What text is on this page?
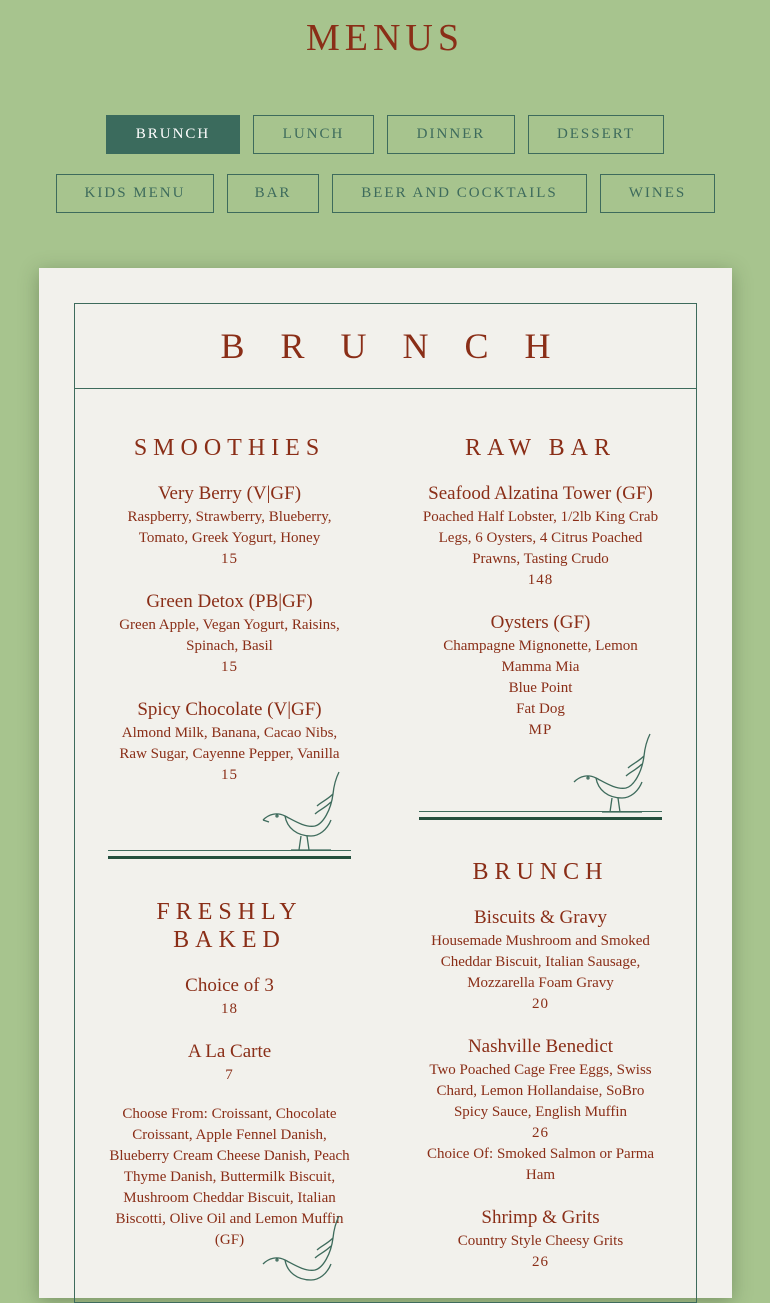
MENUS
BRUNCH	LUNCH	DINNER	DESSERT
KIDS MENU	BAR	BEER AND COCKTAILS	WINES
BRUNCH
SMOOTHIES

Very Berry (V|GF)

Raspberry, Strawberry, Blueberry, Tomato, Greek Yogurt, Honey

15

Green Detox (PB|GF)

Green Apple, Vegan Yogurt, Raisins, Spinach, Basil

15

Spicy Chocolate (V|GF)

Almond Milk, Banana, Cacao Nibs, Raw Sugar, Cayenne Pepper, Vanilla

15

FRESHLY BAKED

Choice of 3

18

A La Carte

7

Choose From: Croissant, Chocolate Croissant, Apple Fennel Danish, Blueberry Cream Cheese Danish, Peach Thyme Danish, Buttermilk Biscuit, Mushroom Cheddar Biscuit, Italian Biscotti, Olive Oil and Lemon Muffin (GF)

RAW BAR

Seafood Alzatina Tower (GF)

Poached Half Lobster, 1/2lb King Crab Legs, 6 Oysters, 4 Citrus Poached Prawns, Tasting Crudo

148

Oysters (GF)

Champagne Mignonette, Lemon

Mamma Mia

Blue Point

Fat Dog

MP

BRUNCH

Biscuits & Gravy

Housemade Mushroom and Smoked Cheddar Biscuit, Italian Sausage, Mozzarella Foam Gravy

20

Nashville Benedict

Two Poached Cage Free Eggs, Swiss Chard, Lemon Hollandaise, SoBro Spicy Sauce, English Muffin

26

Choice Of: Smoked Salmon or Parma Ham

Shrimp & Grits

Country Style Cheesy Grits

26
